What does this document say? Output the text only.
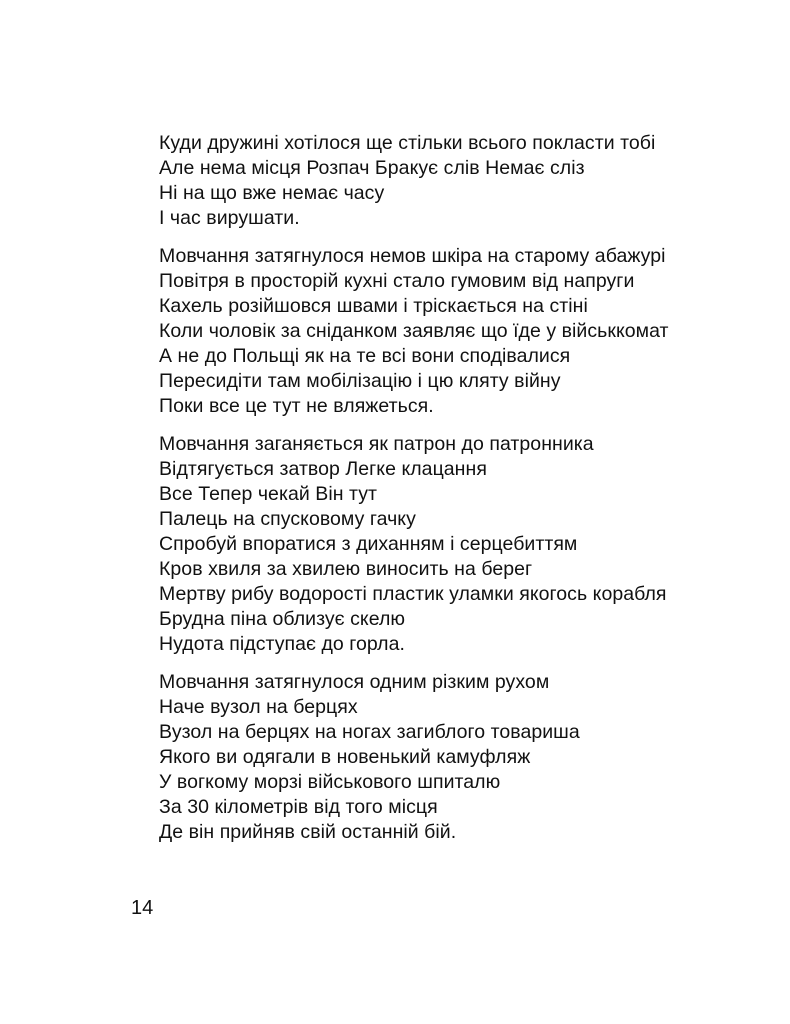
Куди дружині хотілося ще стільки всього покласти тобі
Але нема місця Розпач Бракує слів Немає сліз
Ні на що вже немає часу
І час вирушати.
Мовчання затягнулося немов шкіра на старому абажурі
Повітря в просторій кухні стало гумовим від напруги
Кахель розійшовся швами і тріскається на стіні
Коли чоловік за сніданком заявляє що їде у військкомат
А не до Польщі як на те всі вони сподівалися
Пересидіти там мобілізацію і цю кляту війну
Поки все це тут не вляжеться.
Мовчання заганяється як патрон до патронника
Відтягується затвор Легке клацання
Все Тепер чекай Він тут
Палець на спусковому гачку
Спробуй впоратися з диханням і серцебиттям
Кров хвиля за хвилею виносить на берег
Мертву рибу водорості пластик уламки якогось корабля
Брудна піна облизує скелю
Нудота підступає до горла.
Мовчання затягнулося одним різким рухом
Наче вузол на берцях
Вузол на берцях на ногах загиблого товариша
Якого ви одягали в новенький камуфляж
У вогкому морзі військового шпиталю
За 30 кілометрів від того місця
Де він прийняв свій останній бій.
14
